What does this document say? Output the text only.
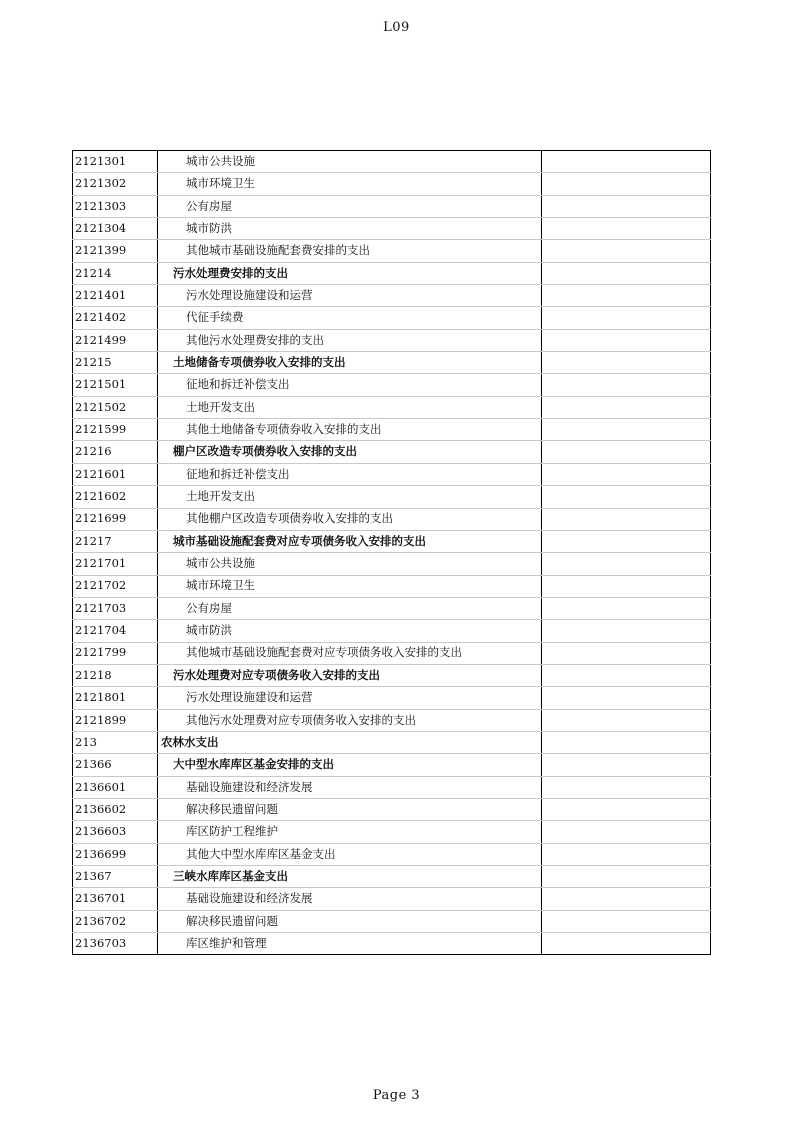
L09
2121301	城市公共设施	
2121302	城市环境卫生	
2121303	公有房屋	
2121304	城市防洪	
2121399	其他城市基础设施配套费安排的支出	
21214	污水处理费安排的支出	
2121401	污水处理设施建设和运营	
2121402	代征手续费	
2121499	其他污水处理费安排的支出	
21215	土地储备专项债券收入安排的支出	
2121501	征地和拆迁补偿支出	
2121502	土地开发支出	
2121599	其他土地储备专项债券收入安排的支出	
21216	棚户区改造专项债券收入安排的支出	
2121601	征地和拆迁补偿支出	
2121602	土地开发支出	
2121699	其他棚户区改造专项债券收入安排的支出	
21217	城市基础设施配套费对应专项债务收入安排的支出	
2121701	城市公共设施	
2121702	城市环境卫生	
2121703	公有房屋	
2121704	城市防洪	
2121799	其他城市基础设施配套费对应专项债务收入安排的支出	
21218	污水处理费对应专项债务收入安排的支出	
2121801	污水处理设施建设和运营	
2121899	其他污水处理费对应专项债务收入安排的支出	
213	农林水支出	
21366	大中型水库库区基金安排的支出	
2136601	基础设施建设和经济发展	
2136602	解决移民遗留问题	
2136603	库区防护工程维护	
2136699	其他大中型水库库区基金支出	
21367	三峡水库库区基金支出	
2136701	基础设施建设和经济发展	
2136702	解决移民遗留问题	
2136703	库区维护和管理	
Page 3
